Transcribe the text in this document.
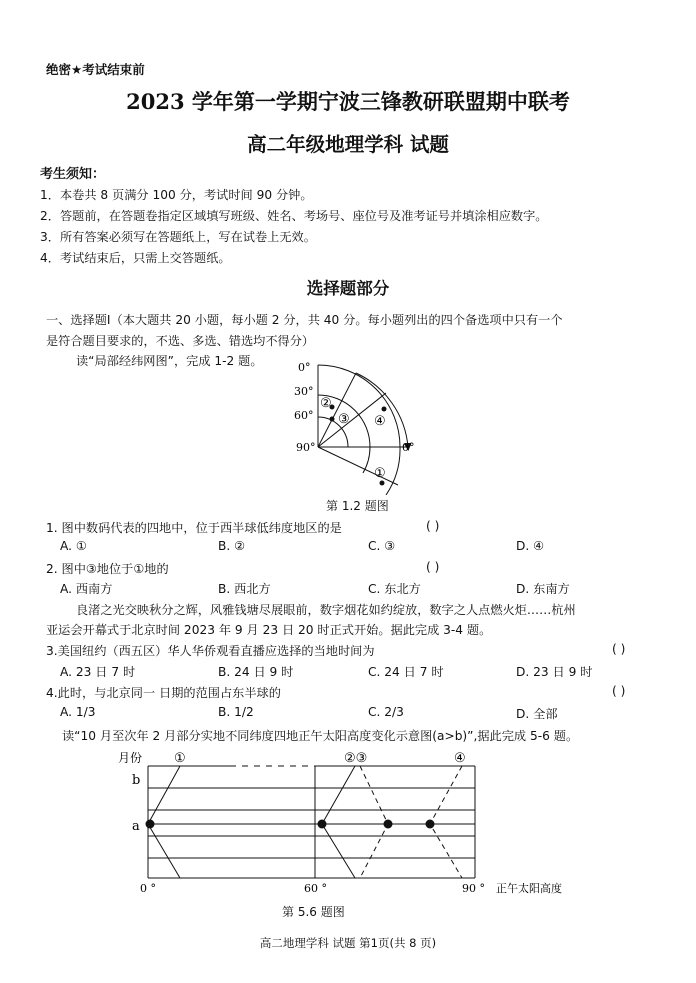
绝密★考试结束前
2023 学年第一学期宁波三锋教研联盟期中联考
高二年级地理学科 试题
考生须知：
1．本卷共 8 页满分 100 分，考试时间 90 分钟。
2．答题前，在答题卷指定区域填写班级、姓名、考场号、座位号及准考证号并填涂相应数字。
3．所有答案必须写在答题纸上，写在试卷上无效。
4．考试结束后，只需上交答题纸。
选择题部分
一、选择题Ⅰ（本大题共 20 小题，每小题 2 分，共 40 分。每小题列出的四个备选项中只有一个
是符合题目要求的，不选、多选、错选均不得分）
读“局部经纬网图”，完成 1-2 题。	0°
30°
60°
90°	0°
②
③ ④
①
第 1.2 题图
1. 图中数码代表的四地中，位于西半球低纬度地区的是	( )
A. ①	B. ②	C. ③	D. ④
2. 图中③地位于①地的	( )
A. 西南方	B. 西北方	C. 东北方	D. 东南方
良渚之光交映秋分之辉，风雅钱塘尽展眼前，数字烟花如约绽放，数字之人点燃火炬……杭州
亚运会开幕式于北京时间 2023 年 9 月 23 日 20 时正式开始。据此完成 3-4 题。
3.美国纽约（西五区）华人华侨观看直播应选择的当地时间为	( )
A. 23 日 7 时	B. 24 日 9 时	C. 24 日 7 时	D. 23 日 9 时
4.此时，与北京同一 日期的范围占东半球的	( )
A. 1/3	B. 1/2	C. 2/3	D. 全部
读“10 月至次年 2 月部分实地不同纬度四地正午太阳高度变化示意图(a>b)”,据此完成 5-6 题。
月份
b
a
0 °	60 °	90 ° 正午太阳高度
①	②③	④
第 5.6 题图
高二地理学科 试题 第1页(共 8 页)
